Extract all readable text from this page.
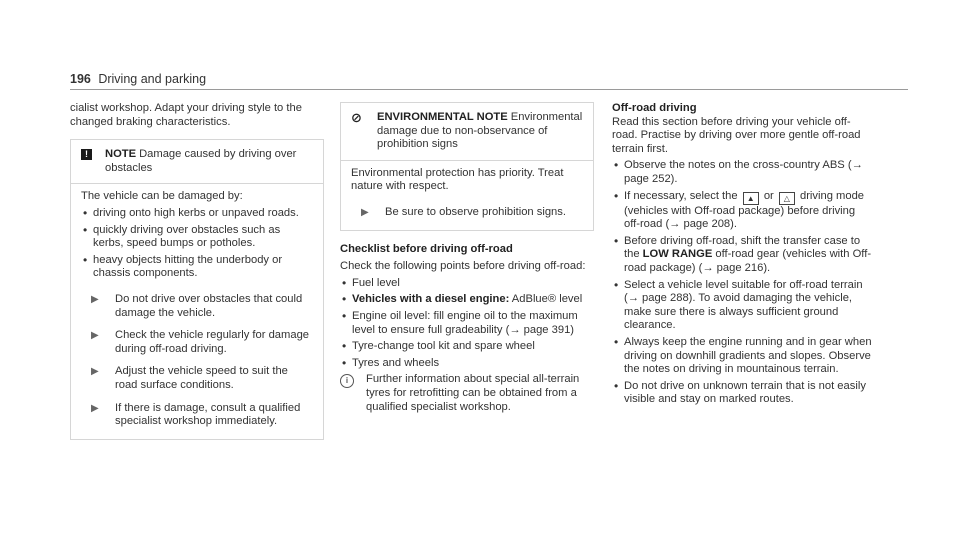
196 Driving and parking

cialist workshop. Adapt your driving style to the changed braking characteristics.

!	NOTE Damage caused by driving over obstacles

The vehicle can be damaged by:

• driving onto high kerbs or unpaved roads.
• quickly driving over obstacles such as kerbs, speed bumps or potholes.
• heavy objects hitting the underbody or chassis components.
▶	Do not drive over obstacles that could damage the vehicle.
▶	Check the vehicle regularly for damage during off-road driving.
▶	Adjust the vehicle speed to suit the road surface conditions.
▶	If there is damage, consult a qualified specialist workshop immediately.
⊘ ENVIRONMENTAL NOTE Environmental damage due to non-observance of prohibition signs

Environmental protection has priority. Treat nature with respect.

▶	Be sure to observe prohibition signs.

Checklist before driving off-road

Check the following points before driving off-road:

• Fuel level
• Vehicles with a diesel engine: AdBlue® level
• Engine oil level: fill engine oil to the maximum level to ensure full gradeability (→ page 391)
• Tyre-change tool kit and spare wheel
• Tyres and wheels
i	Further information about special all-terrain tyres for retrofitting can be obtained from a qualified specialist workshop.

Off-road driving

Read this section before driving your vehicle off-road. Practise by driving over more gentle off-road terrain first.

• Observe the notes on the cross-country ABS (→ page 252).
• If necessary, select the ▲ or △ driving mode (vehicles with Off-road package) before driving off-road (→ page 208).
• Before driving off-road, shift the transfer case to the LOW RANGE off-road gear (vehicles with Off-road package) (→ page 216).
• Select a vehicle level suitable for off-road terrain (→ page 288). To avoid damaging the vehicle, make sure there is always sufficient ground clearance.
• Always keep the engine running and in gear when driving on downhill gradients and slopes. Observe the notes on driving in mountainous terrain.
• Do not drive on unknown terrain that is not easily visible and stay on marked routes.
